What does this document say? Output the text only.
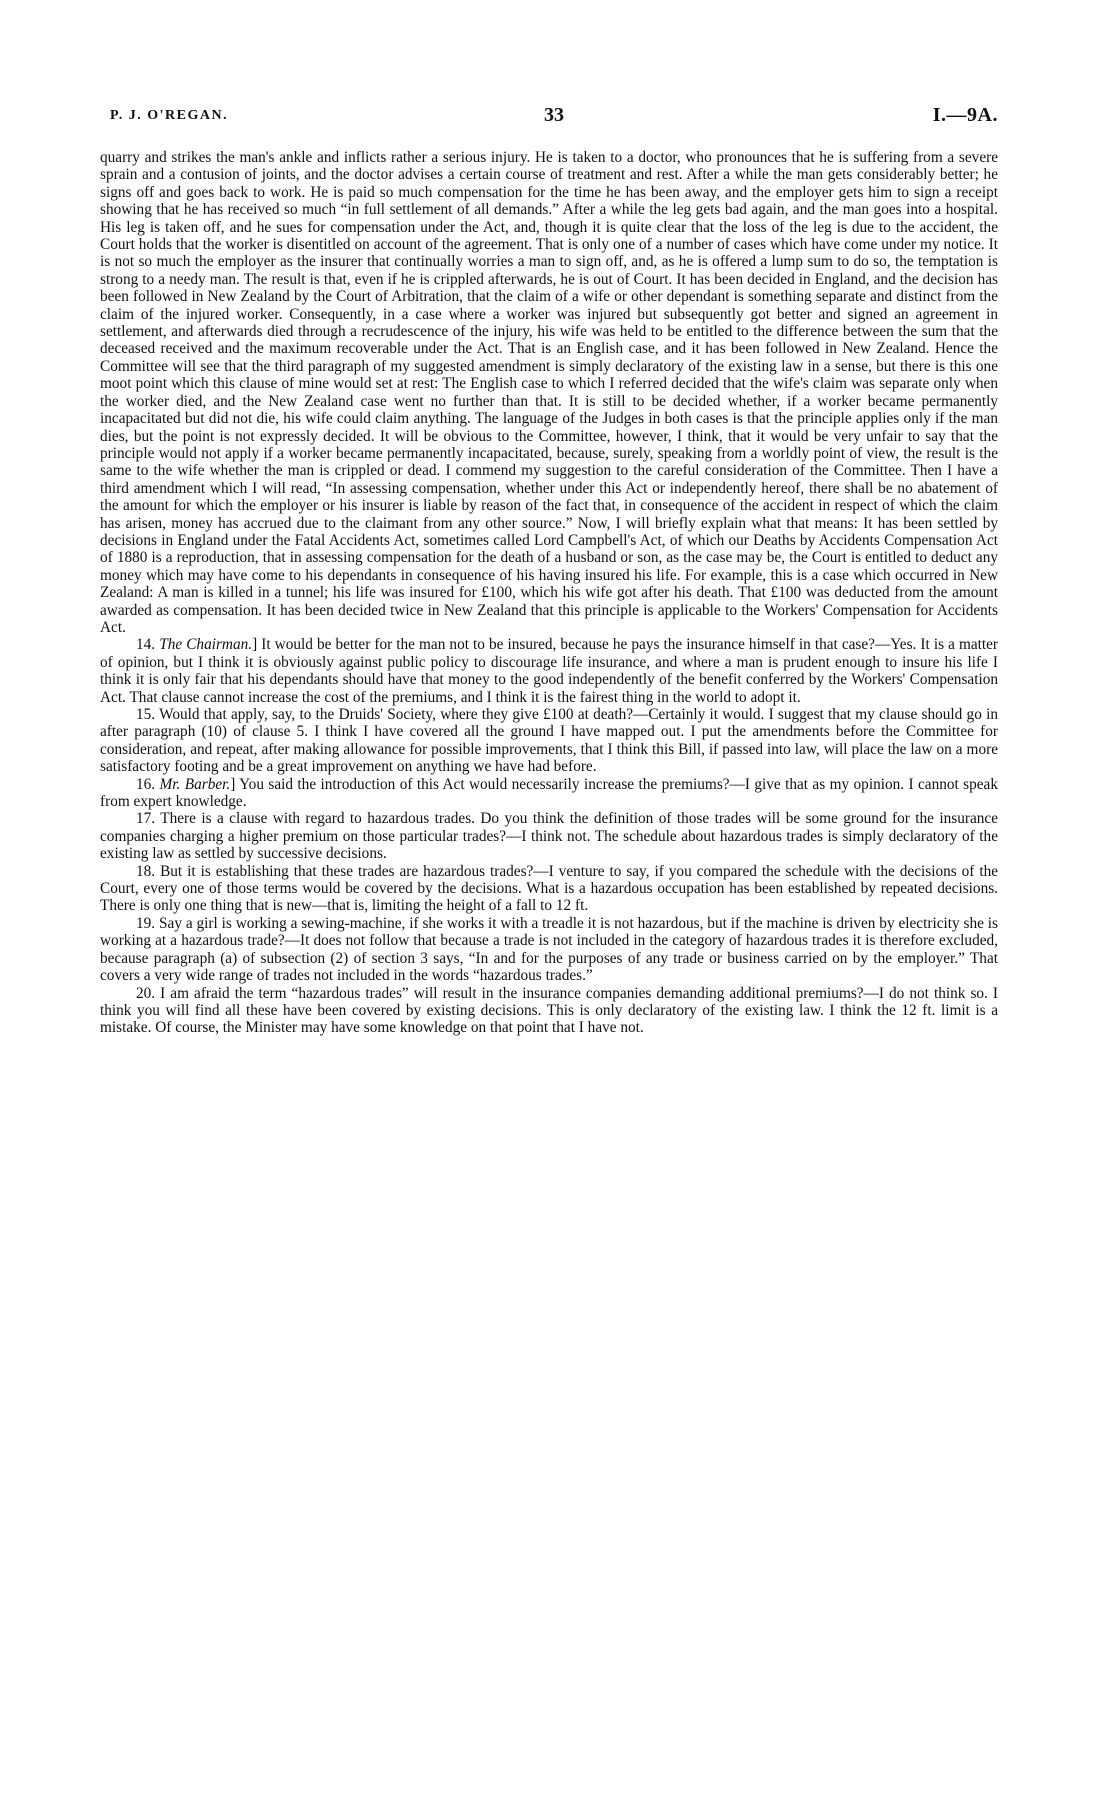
P. J. O'REGAN.	33	I.—9A.

quarry and strikes the man's ankle and inflicts rather a serious injury. He is taken to a doctor, who pronounces that he is suffering from a severe sprain and a contusion of joints, and the doctor advises a certain course of treatment and rest. After a while the man gets considerably better; he signs off and goes back to work. He is paid so much compensation for the time he has been away, and the employer gets him to sign a receipt showing that he has received so much “in full settlement of all demands.” After a while the leg gets bad again, and the man goes into a hospital. His leg is taken off, and he sues for compensation under the Act, and, though it is quite clear that the loss of the leg is due to the accident, the Court holds that the worker is disentitled on account of the agreement. That is only one of a number of cases which have come under my notice. It is not so much the employer as the insurer that continually worries a man to sign off, and, as he is offered a lump sum to do so, the temptation is strong to a needy man. The result is that, even if he is crippled afterwards, he is out of Court. It has been decided in England, and the decision has been followed in New Zealand by the Court of Arbitration, that the claim of a wife or other dependant is something separate and distinct from the claim of the injured worker. Consequently, in a case where a worker was injured but subsequently got better and signed an agreement in settlement, and afterwards died through a recrudescence of the injury, his wife was held to be entitled to the difference between the sum that the deceased received and the maximum recoverable under the Act. That is an English case, and it has been followed in New Zealand. Hence the Committee will see that the third paragraph of my suggested amendment is simply declaratory of the existing law in a sense, but there is this one moot point which this clause of mine would set at rest: The English case to which I referred decided that the wife's claim was separate only when the worker died, and the New Zealand case went no further than that. It is still to be decided whether, if a worker became permanently incapacitated but did not die, his wife could claim anything. The language of the Judges in both cases is that the principle applies only if the man dies, but the point is not expressly decided. It will be obvious to the Committee, however, I think, that it would be very unfair to say that the principle would not apply if a worker became permanently incapacitated, because, surely, speaking from a worldly point of view, the result is the same to the wife whether the man is crippled or dead. I commend my suggestion to the careful consideration of the Committee. Then I have a third amendment which I will read, “In assessing compensation, whether under this Act or independently hereof, there shall be no abatement of the amount for which the employer or his insurer is liable by reason of the fact that, in consequence of the accident in respect of which the claim has arisen, money has accrued due to the claimant from any other source.” Now, I will briefly explain what that means: It has been settled by decisions in England under the Fatal Accidents Act, sometimes called Lord Campbell's Act, of which our Deaths by Accidents Compensation Act of 1880 is a reproduction, that in assessing compensation for the death of a husband or son, as the case may be, the Court is entitled to deduct any money which may have come to his dependants in consequence of his having insured his life. For example, this is a case which occurred in New Zealand: A man is killed in a tunnel; his life was insured for £100, which his wife got after his death. That £100 was deducted from the amount awarded as compensation. It has been decided twice in New Zealand that this principle is applicable to the Workers' Compensation for Accidents Act.

14. The Chairman.] It would be better for the man not to be insured, because he pays the insurance himself in that case?—Yes. It is a matter of opinion, but I think it is obviously against public policy to discourage life insurance, and where a man is prudent enough to insure his life I think it is only fair that his dependants should have that money to the good independently of the benefit conferred by the Workers' Compensation Act. That clause cannot increase the cost of the premiums, and I think it is the fairest thing in the world to adopt it.

15. Would that apply, say, to the Druids' Society, where they give £100 at death?—Certainly it would. I suggest that my clause should go in after paragraph (10) of clause 5. I think I have covered all the ground I have mapped out. I put the amendments before the Committee for consideration, and repeat, after making allowance for possible improvements, that I think this Bill, if passed into law, will place the law on a more satisfactory footing and be a great improvement on anything we have had before.

16. Mr. Barber.] You said the introduction of this Act would necessarily increase the premiums?—I give that as my opinion. I cannot speak from expert knowledge.

17. There is a clause with regard to hazardous trades. Do you think the definition of those trades will be some ground for the insurance companies charging a higher premium on those particular trades?—I think not. The schedule about hazardous trades is simply declaratory of the existing law as settled by successive decisions.

18. But it is establishing that these trades are hazardous trades?—I venture to say, if you compared the schedule with the decisions of the Court, every one of those terms would be covered by the decisions. What is a hazardous occupation has been established by repeated decisions. There is only one thing that is new—that is, limiting the height of a fall to 12 ft.

19. Say a girl is working a sewing-machine, if she works it with a treadle it is not hazardous, but if the machine is driven by electricity she is working at a hazardous trade?—It does not follow that because a trade is not included in the category of hazardous trades it is therefore excluded, because paragraph (a) of subsection (2) of section 3 says, “In and for the purposes of any trade or business carried on by the employer.” That covers a very wide range of trades not included in the words “hazardous trades.”

20. I am afraid the term “hazardous trades” will result in the insurance companies demanding additional premiums?—I do not think so. I think you will find all these have been covered by existing decisions. This is only declaratory of the existing law. I think the 12 ft. limit is a mistake. Of course, the Minister may have some knowledge on that point that I have not.
